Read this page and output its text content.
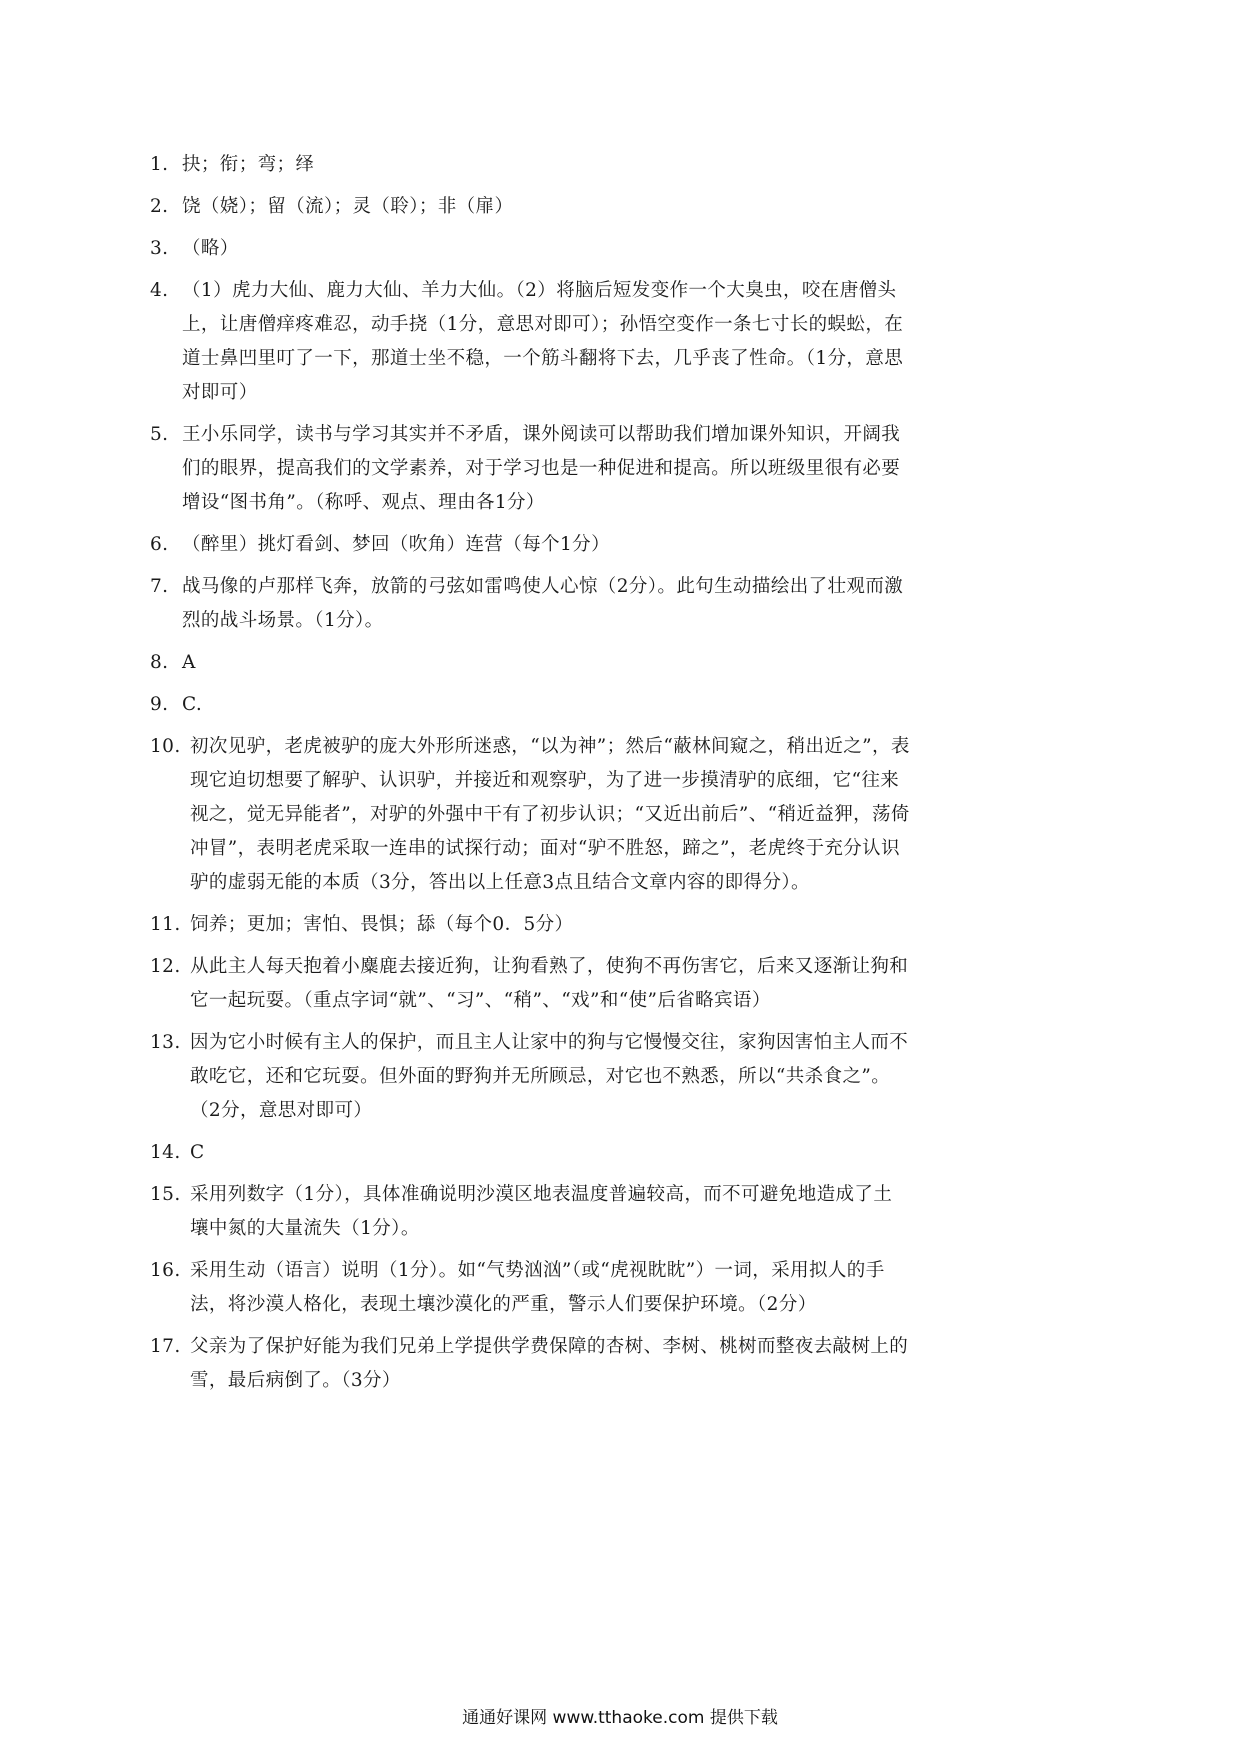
1. 抉；衔；弯；绎
2. 饶（娆）；留（流）；灵（聆）；非（扉）
3. （略）
4. （1）虎力大仙、鹿力大仙、羊力大仙。（2）将脑后短发变作一个大臭虫，咬在唐僧头上，让唐僧痒疼难忍，动手挠（1分，意思对即可）；孙悟空变作一条七寸长的蜈蚣，在道士鼻凹里叮了一下，那道士坐不稳，一个筋斗翻将下去，几乎丧了性命。（1分，意思对即可）
5. 王小乐同学，读书与学习其实并不矛盾，课外阅读可以帮助我们增加课外知识，开阔我们的眼界，提高我们的文学素养，对于学习也是一种促进和提高。所以班级里很有必要增设“图书角”。（称呼、观点、理由各1分）
6. （醉里）挑灯看剑、梦回（吹角）连营（每个1分）
7. 战马像的卢那样飞奔，放箭的弓弦如雷鸣使人心惊（2分）。此句生动描绘出了壮观而激烈的战斗场景。（1分）。
8. A
9. C.
10. 初次见驴，老虎被驴的庞大外形所迷惑，“以为神”；然后“蔽林间窥之，稍出近之”，表现它迫切想要了解驴、认识驴，并接近和观察驴，为了进一步摸清驴的底细，它“往来视之，觉无异能者”，对驴的外强中干有了初步认识；“又近出前后”、“稍近益狎，荡倚冲冒”，表明老虎采取一连串的试探行动；面对“驴不胜怒，蹄之”，老虎终于充分认识驴的虚弱无能的本质（3分，答出以上任意3点且结合文章内容的即得分）。
11. 饲养；更加；害怕、畏惧；舔（每个0．5分）
12. 从此主人每天抱着小麋鹿去接近狗，让狗看熟了，使狗不再伤害它，后来又逐渐让狗和它一起玩耍。（重点字词“就”、“习”、“稍”、“戏”和“使”后省略宾语）
13. 因为它小时候有主人的保护，而且主人让家中的狗与它慢慢交往，家狗因害怕主人而不敢吃它，还和它玩耍。但外面的野狗并无所顾忌，对它也不熟悉，所以“共杀食之”。（2分，意思对即可）
14. C
15. 采用列数字（1分），具体准确说明沙漠区地表温度普遍较高，而不可避免地造成了土壤中氮的大量流失（1分）。
16. 采用生动（语言）说明（1分）。如“气势汹汹”（或“虎视眈眈”）一词，采用拟人的手法，将沙漠人格化，表现土壤沙漠化的严重，警示人们要保护环境。（2分）
17. 父亲为了保护好能为我们兄弟上学提供学费保障的杏树、李树、桃树而整夜去敲树上的雪，最后病倒了。（3分）
通通好课网 www.tthaoke.com 提供下载
